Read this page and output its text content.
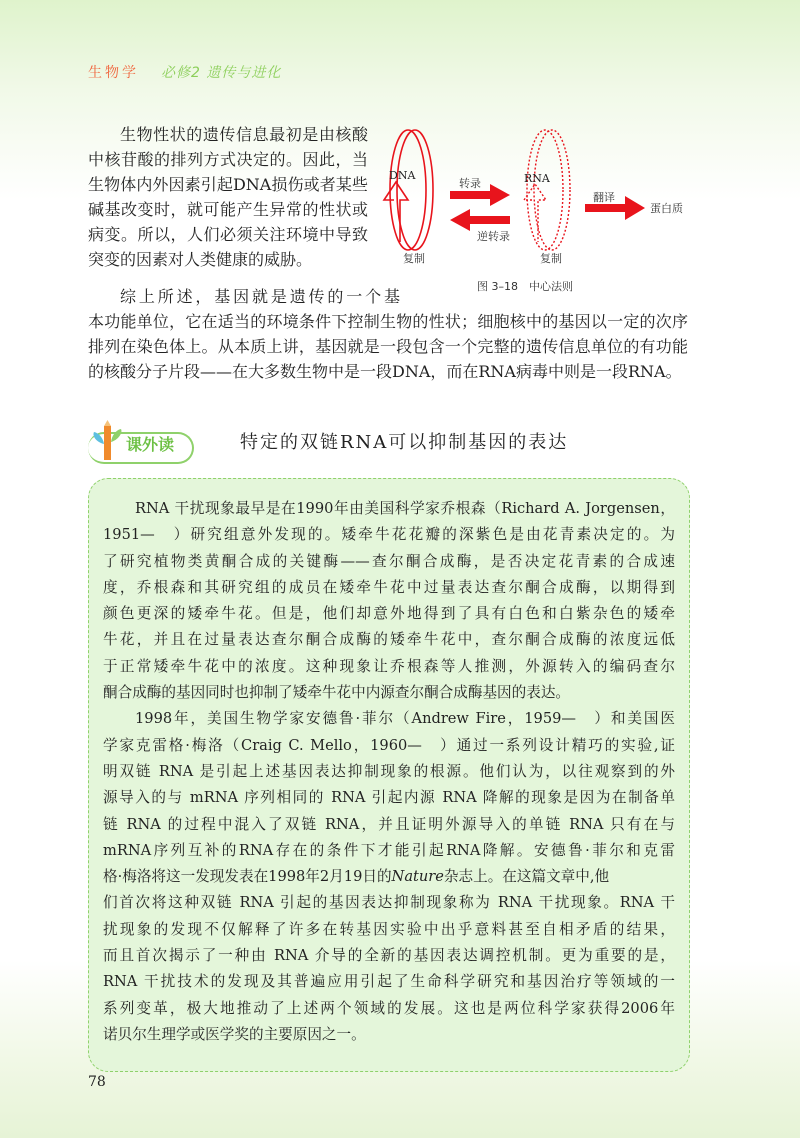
生物学 必修2 遗传与进化
生物性状的遗传信息最初是由核酸
中核苷酸的排列方式决定的。因此，当
生物体内外因素引起DNA损伤或者某些
碱基改变时，就可能产生异常的性状或
病变。所以，人们必须关注环境中导致
突变的因素对人类健康的威胁。
综上所述，基因就是遗传的一个基
本功能单位，它在适当的环境条件下控制生物的性状；细胞核中的基因以一定的次序
排列在染色体上。从本质上讲，基因就是一段包含一个完整的遗传信息单位的有功能
的核酸分子片段——在大多数生物中是一段DNA，而在RNA病毒中则是一段RNA。
DNA	RNA
转录
逆转录
复制	复制
翻译
蛋白质
图 3–18　中心法则
课外读	特定的双链RNA可以抑制基因的表达
RNA 干扰现象最早是在1990年由美国科学家乔根森（Richard A. Jorgensen，
1951—　）研究组意外发现的。矮牵牛花花瓣的深紫色是由花青素决定的。为
了研究植物类黄酮合成的关键酶——查尔酮合成酶，是否决定花青素的合成速
度，乔根森和其研究组的成员在矮牵牛花中过量表达查尔酮合成酶，以期得到
颜色更深的矮牵牛花。但是，他们却意外地得到了具有白色和白紫杂色的矮牵
牛花，并且在过量表达查尔酮合成酶的矮牵牛花中，查尔酮合成酶的浓度远低
于正常矮牵牛花中的浓度。这种现象让乔根森等人推测，外源转入的编码查尔
酮合成酶的基因同时也抑制了矮牵牛花中内源查尔酮合成酶基因的表达。
1998年，美国生物学家安德鲁·菲尔（Andrew Fire，1959—　）和美国医
学家克雷格·梅洛（Craig C. Mello，1960—　）通过一系列设计精巧的实验,证
明双链 RNA 是引起上述基因表达抑制现象的根源。他们认为，以往观察到的外
源导入的与 mRNA 序列相同的 RNA 引起内源 RNA 降解的现象是因为在制备单
链 RNA 的过程中混入了双链 RNA，并且证明外源导入的单链 RNA 只有在与
mRNA序列互补的RNA存在的条件下才能引起RNA降解。安德鲁·菲尔和克雷
格·梅洛将这一发现发表在1998年2月19日的Nature杂志上。在这篇文章中,他
们首次将这种双链 RNA 引起的基因表达抑制现象称为 RNA 干扰现象。RNA 干
扰现象的发现不仅解释了许多在转基因实验中出乎意料甚至自相矛盾的结果，
而且首次揭示了一种由 RNA 介导的全新的基因表达调控机制。更为重要的是，
RNA 干扰技术的发现及其普遍应用引起了生命科学研究和基因治疗等领域的一
系列变革，极大地推动了上述两个领域的发展。这也是两位科学家获得2006年
诺贝尔生理学或医学奖的主要原因之一。
78
